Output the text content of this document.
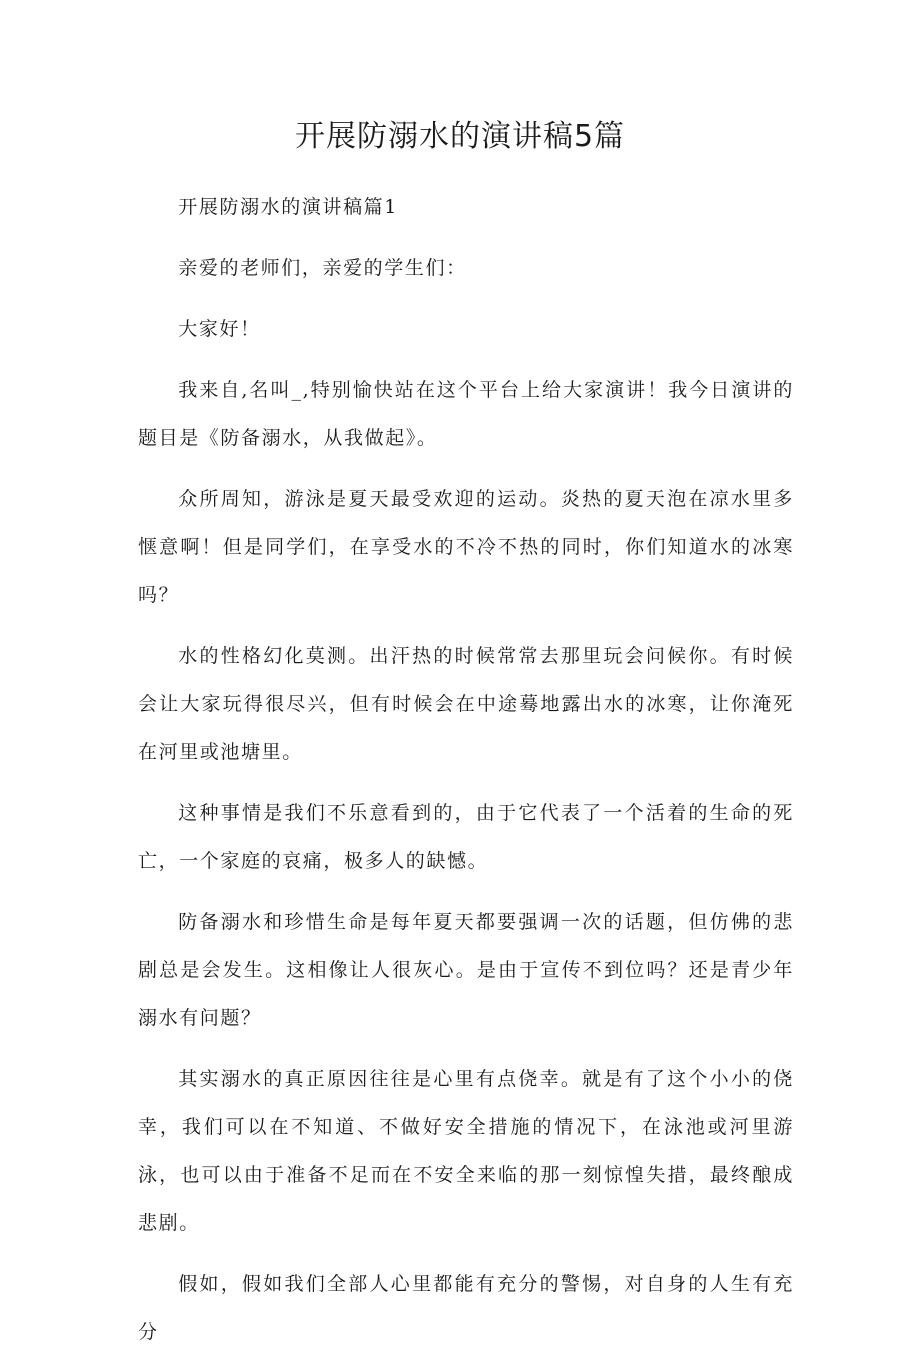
开展防溺水的演讲稿5篇

开展防溺水的演讲稿篇1

亲爱的老师们，亲爱的学生们：

大家好！

我来自,名叫_,特别愉快站在这个平台上给大家演讲！我今日演讲的题目是《防备溺水，从我做起》。

众所周知，游泳是夏天最受欢迎的运动。炎热的夏天泡在凉水里多惬意啊！但是同学们，在享受水的不冷不热的同时，你们知道水的冰寒吗？

水的性格幻化莫测。出汗热的时候常常去那里玩会问候你。有时候会让大家玩得很尽兴，但有时候会在中途蓦地露出水的冰寒，让你淹死在河里或池塘里。

这种事情是我们不乐意看到的，由于它代表了一个活着的生命的死亡，一个家庭的哀痛，极多人的缺憾。

防备溺水和珍惜生命是每年夏天都要强调一次的话题，但仿佛的悲剧总是会发生。这相像让人很灰心。是由于宣传不到位吗？还是青少年溺水有问题？

其实溺水的真正原因往往是心里有点侥幸。就是有了这个小小的侥幸，我们可以在不知道、不做好安全措施的情况下，在泳池或河里游泳，也可以由于准备不足而在不安全来临的那一刻惊惶失措，最终酿成悲剧。

假如，假如我们全部人心里都能有充分的警惕，对自身的人生有充分
